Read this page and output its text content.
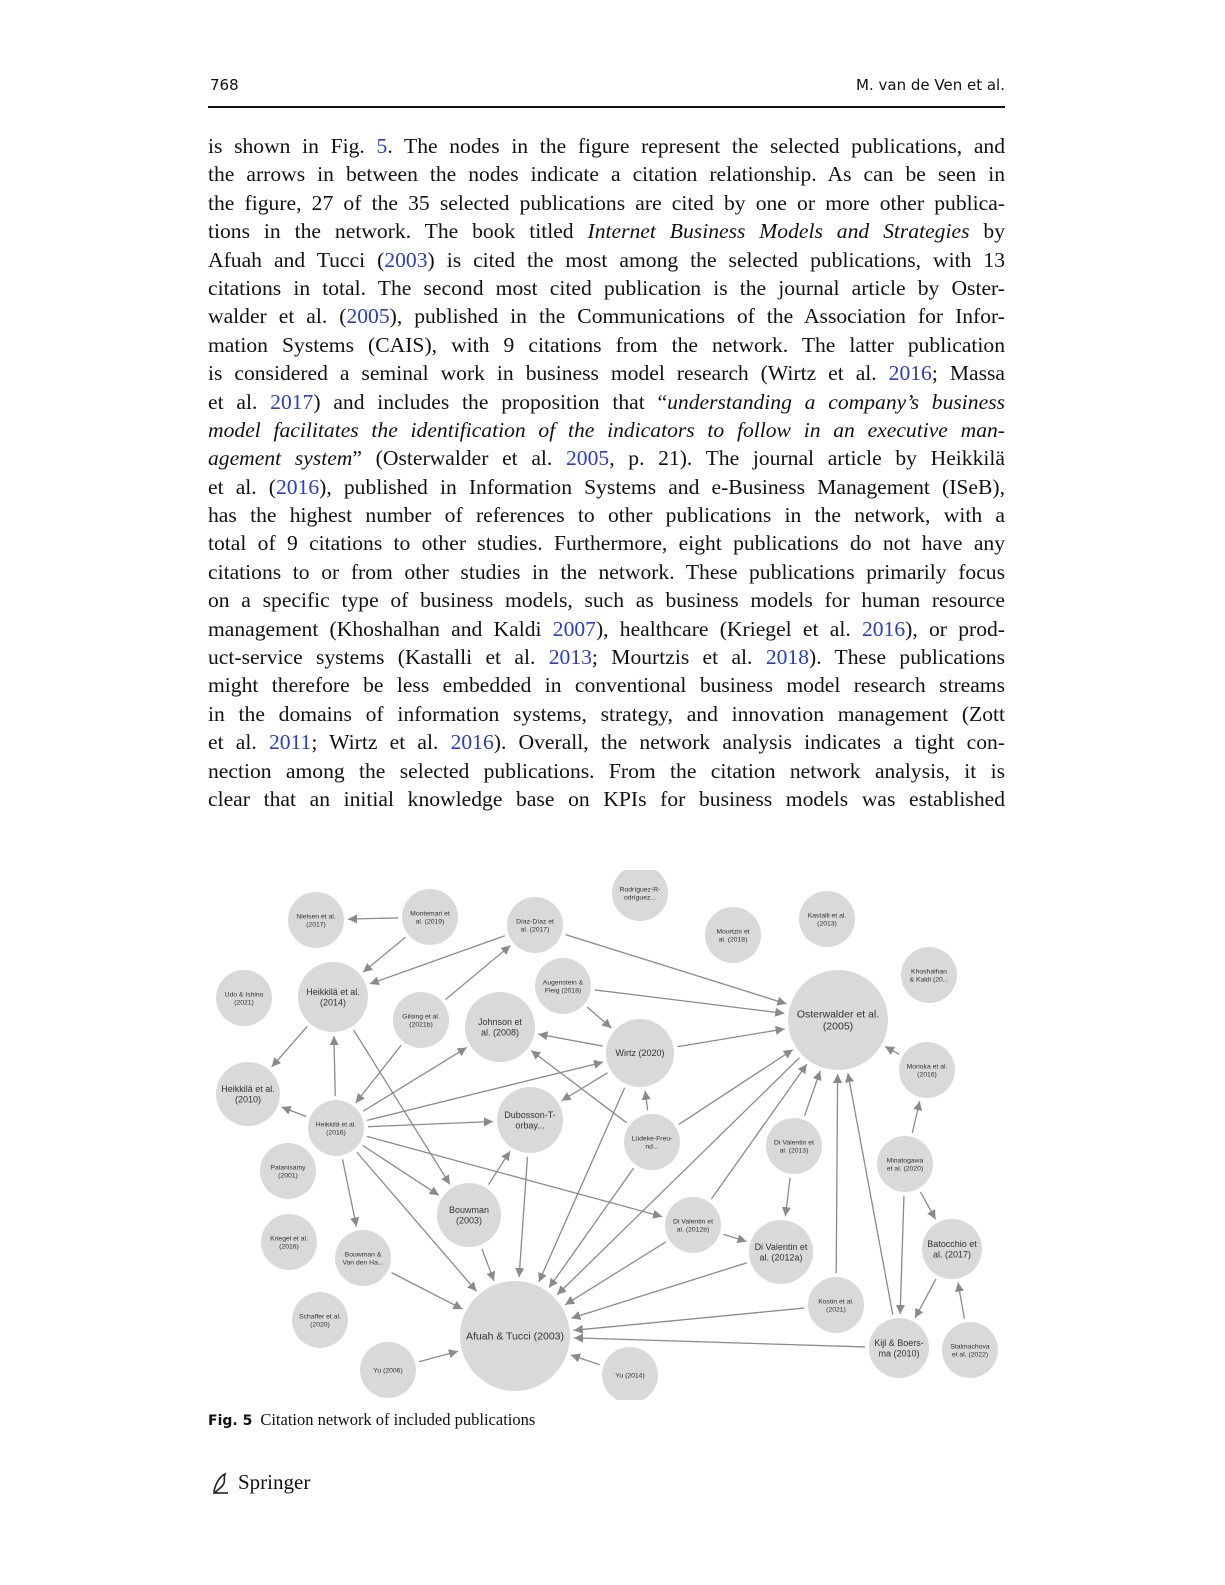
768	M. van de Ven et al.
is shown in Fig. 5. The nodes in the figure represent the selected publications, and
the arrows in between the nodes indicate a citation relationship. As can be seen in
the figure, 27 of the 35 selected publications are cited by one or more other publica-
tions in the network. The book titled Internet Business Models and Strategies by
Afuah and Tucci (2003) is cited the most among the selected publications, with 13
citations in total. The second most cited publication is the journal article by Oster-
walder et al. (2005), published in the Communications of the Association for Infor-
mation Systems (CAIS), with 9 citations from the network. The latter publication
is considered a seminal work in business model research (Wirtz et al. 2016; Massa
et al. 2017) and includes the proposition that “understanding a company’s business
model facilitates the identification of the indicators to follow in an executive man-
agement system” (Osterwalder et al. 2005, p. 21). The journal article by Heikkilä
et al. (2016), published in Information Systems and e-Business Management (ISeB),
has the highest number of references to other publications in the network, with a
total of 9 citations to other studies. Furthermore, eight publications do not have any
citations to or from other studies in the network. These publications primarily focus
on a specific type of business models, such as business models for human resource
management (Khoshalhan and Kaldi 2007), healthcare (Kriegel et al. 2016), or prod-
uct-service systems (Kastalli et al. 2013; Mourtzis et al. 2018). These publications
might therefore be less embedded in conventional business model research streams
in the domains of information systems, strategy, and innovation management (Zott
et al. 2011; Wirtz et al. 2016). Overall, the network analysis indicates a tight con-
nection among the selected publications. From the citation network analysis, it is
clear that an initial knowledge base on KPIs for business models was established
Nielsen et al.
(2017)
Montemari et
al. (2019)	Díaz-Díaz et
al. (2017)
Rodríguez-R-
odríguez...
Mourtzis et
al. (2018)
Kastalli et al.
(2013)
Khoshalhan
& Kaldi (20...
Udo & Ishino
(2021)
Heikkilä et al.
(2014)
Gilsing et al.
(2021b)
Augenstein &
Fleig (2018)
Johnson et
al. (2008)
Wirtz (2020)
Osterwalder et al.
(2005)
Morioka et al.
(2016)
Heikkilä et al.
(2010)
Heikkilä et al.
(2016)
Dubosson-T-
orbay...
Lüdeke-Freu-
nd...
Di Valentin et
al. (2013)
Minatogawa
et al. (2020)
Palanisamy
(2001)
Bouwman
(2003)	Di Valentin et
al. (2012b)
Di Valentin et
al. (2012a)
Batocchio et
al. (2017)
Kriegel et al.
(2016)
Bouwman &
Van den Ha...
Schaffer et al.
(2020)
Kostin et al.
(2021)
Afuah & Tucci (2003)
Kijl & Boers-
ma (2010)
Stalmachova
et al. (2022)
Yu (2006)
Yu (2014)
Fig. 5 Citation network of included publications
Springer
